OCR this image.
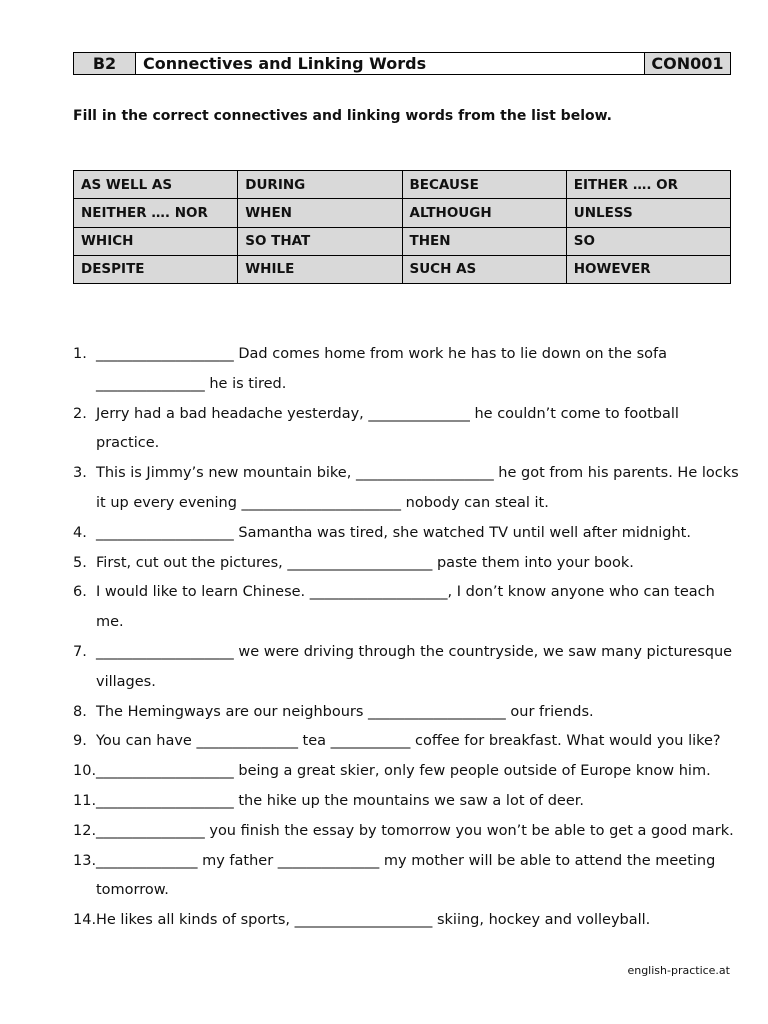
B2	Connectives and Linking Words	CON001
Fill in the correct connectives and linking words from the list below.
AS WELL AS	DURING	BECAUSE	EITHER …. OR
NEITHER …. NOR	WHEN	ALTHOUGH	UNLESS
WHICH	SO THAT	THEN	SO
DESPITE	WHILE	SUCH AS	HOWEVER
1. ___________________ Dad comes home from work he has to lie down on the sofa _______________ he is tired.
2. Jerry had a bad headache yesterday, ______________ he couldn’t come to football practice.
3. This is Jimmy’s new mountain bike, ___________________ he got from his parents. He locks it up every evening ______________________ nobody can steal it.
4. ___________________ Samantha was tired, she watched TV until well after midnight.
5. First, cut out the pictures, ____________________ paste them into your book.
6. I would like to learn Chinese. ___________________, I don’t know anyone who can teach me.
7. ___________________ we were driving through the countryside, we saw many picturesque villages.
8. The Hemingways are our neighbours ___________________ our friends.
9. You can have ______________ tea ___________ coffee for breakfast. What would you like?
10. ___________________ being a great skier, only few people outside of Europe know him.
11. ___________________ the hike up the mountains we saw a lot of deer.
12. _______________ you finish the essay by tomorrow you won’t be able to get a good mark.
13. ______________ my father ______________ my mother will be able to attend the meeting tomorrow.
14. He likes all kinds of sports, ___________________ skiing, hockey and volleyball.
english-practice.at
